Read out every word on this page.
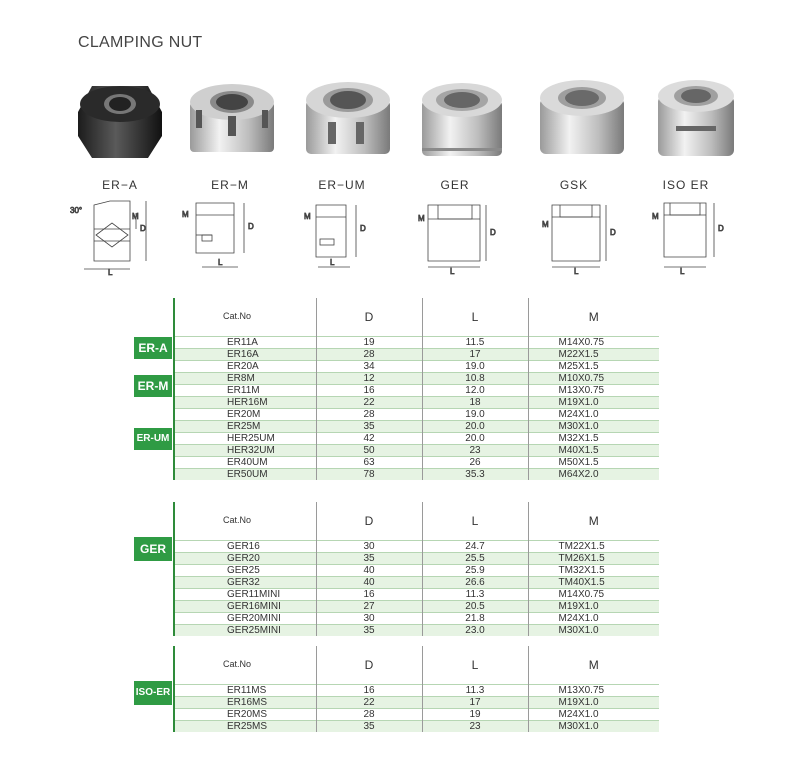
CLAMPING NUT
ER−A	ER−M	ER−UM	GER	GSK	ISO ER
30°
M
D
L
M
D
L
M
D
L
M
D
L
M
D
L
M
D
L
	Cat.No	D	L	M
	ER11A	19	11.5	M14X0.75
	ER16A	28	17	M22X1.5
	ER20A	34	19.0	M25X1.5
	ER8M	12	10.8	M10X0.75
	ER11M	16	12.0	M13X0.75
	HER16M	22	18	M19X1.0
	ER20M	28	19.0	M24X1.0
	ER25M	35	20.0	M30X1.0
	HER25UM	42	20.0	M32X1.5
	HER32UM	50	23	M40X1.5
	ER40UM	63	26	M50X1.5
	ER50UM	78	35.3	M64X2.0
ER-A
ER-M
ER-UM
	Cat.No	D	L	M
	GER16	30	24.7	TM22X1.5
	GER20	35	25.5	TM26X1.5
	GER25	40	25.9	TM32X1.5
	GER32	40	26.6	TM40X1.5
	GER11MINI	16	11.3	M14X0.75
	GER16MINI	27	20.5	M19X1.0
	GER20MINI	30	21.8	M24X1.0
	GER25MINI	35	23.0	M30X1.0
GER
	Cat.No	D	L	M
	ER11MS	16	11.3	M13X0.75
	ER16MS	22	17	M19X1.0
	ER20MS	28	19	M24X1.0
	ER25MS	35	23	M30X1.0
ISO-ER
